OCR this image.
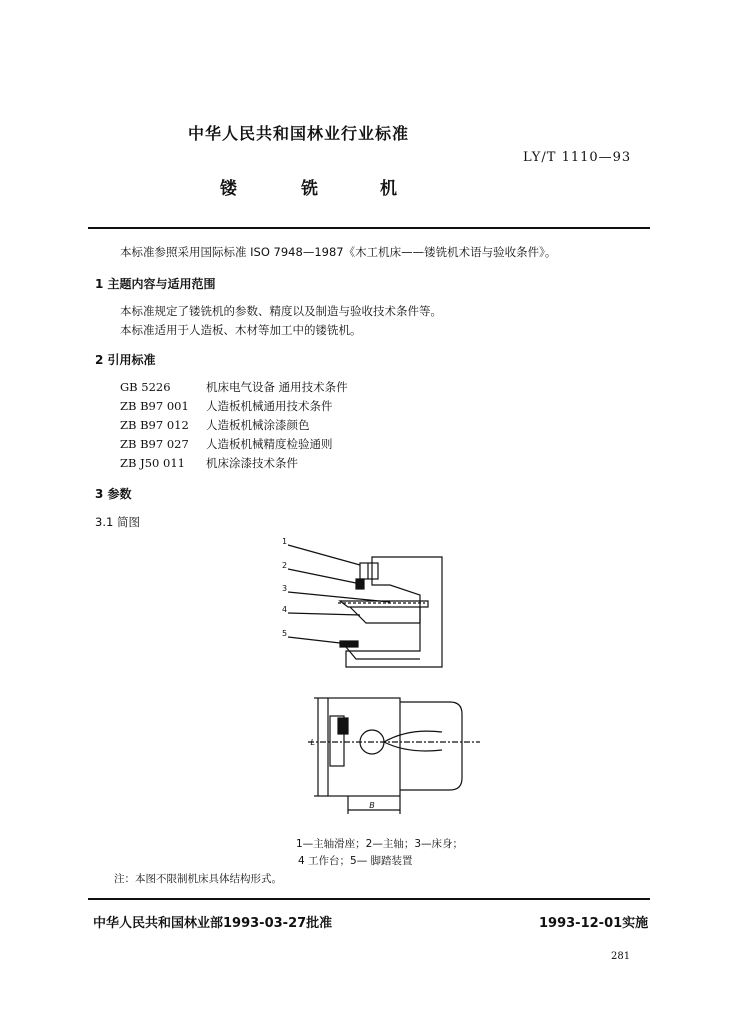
中华人民共和国林业行业标准
LY/T 1110—93
镂	铣	机
本标准参照采用国际标准 ISO 7948—1987《木工机床——镂铣机术语与验收条件》。
1 主题内容与适用范围
本标准规定了镂铣机的参数、精度以及制造与验收技术条件等。
本标准适用于人造板、木材等加工中的镂铣机。
2 引用标准
GB 5226	机床电气设备 通用技术条件
ZB B97 001 人造板机械通用技术条件
ZB B97 012 人造板机械涂漆颜色
ZB B97 027 人造板机械精度检验通则
ZB J50 011 机床涂漆技术条件
3 参数
3.1 简图
1
2
3
4
5
B
L
1—主轴滑座；2—主轴；3—床身；
4 工作台；5— 脚踏装置
注：本图不限制机床具体结构形式。
中华人民共和国林业部1993-03-27批准	1993-12-01实施
281
